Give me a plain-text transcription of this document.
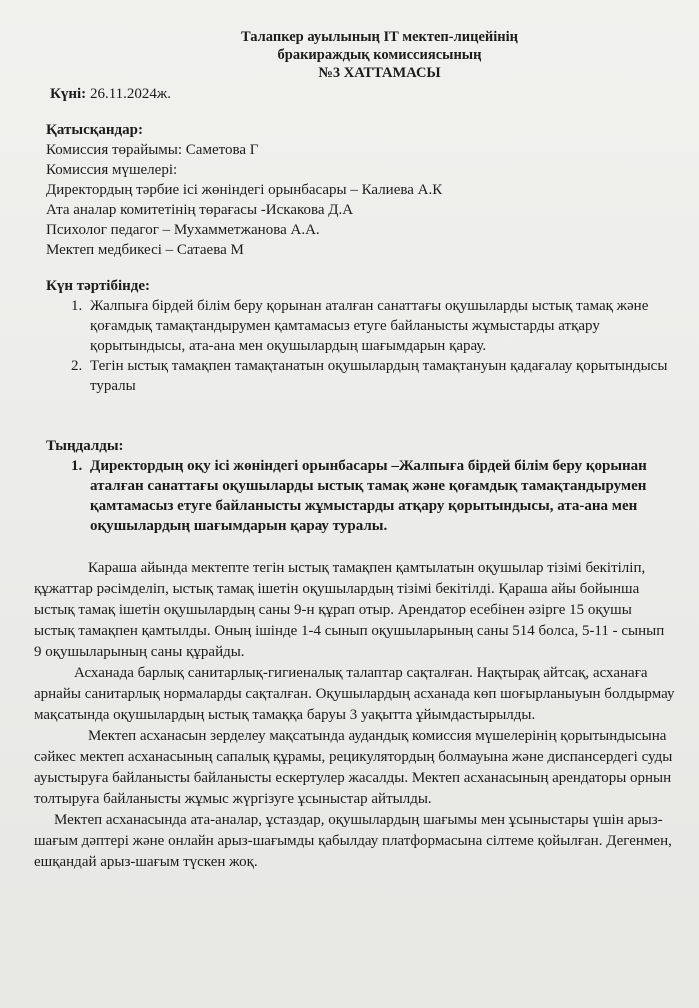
Талапкер ауылының IT мектеп-лицейінің
бракираждық комиссиясының
№3 ХАТТАМАСЫ
Күні: 26.11.2024ж.
Қатысқандар:
Комиссия төрайымы: Саметова Г
Комиссия мүшелері:
Директордың тәрбие ісі жөніндегі орынбасары – Калиева А.К
Ата аналар комитетінің төрағасы -Искакова Д.А
Психолог педагог – Мухамметжанова А.А.
Мектеп медбикесі – Сатаева М
Күн тәртібінде:
1. Жалпыға бірдей білім беру қорынан аталған санаттағы оқушыларды ыстық тамақ және қоғамдық тамақтандырумен қамтамасыз етуге байланысты жұмыстарды атқару қорытындысы, ата-ана мен оқушылардың шағымдарын қарау.
2. Тегін ыстық тамақпен тамақтанатын оқушылардың тамақтануын қадағалау қорытындысы туралы
Тыңдалды:
1. Директордың оқу ісі жөніндегі орынбасары –Жалпыға бірдей білім беру қорынан аталған санаттағы оқушыларды ыстық тамақ және қоғамдық тамақтандырумен қамтамасыз етуге байланысты жұмыстарды атқару қорытындысы, ата-ана мен оқушылардың шағымдарын қарау туралы.

Караша айында мектепте тегін ыстық тамақпен қамтылатын оқушылар тізімі бекітіліп, құжаттар рәсімделіп, ыстық тамақ ішетін оқушылардың тізімі бекітілді. Қараша айы бойынша ыстық тамақ ішетін оқушылардың саны 9-н құрап отыр. Арендатор есебінен әзірге 15 оқушы ыстық тамақпен қамтылды. Оның ішінде 1-4 сынып оқушыларының саны 514 болса, 5-11 - сынып 9 оқушыларының саны құрайды.

Асханада барлық санитарлық-гигиеналық талаптар сақталған. Нақтырақ айтсақ, асханаға арнайы санитарлық нормаларды сақталған. Оқушылардың асханада көп шоғырланыуын болдырмау мақсатында оқушылардың ыстық тамаққа баруы 3 уақытта ұйымдастырылды.

Мектеп асханасын зерделеу мақсатында аудандық комиссия мүшелерінің қорытындысына сәйкес мектеп асханасының сапалық құрамы, рецикулятордың болмауына және диспансердегі суды ауыстыруға байланысты байланысты ескертулер жасалды. Мектеп асханасының арендаторы орнын толтыруға байланысты жұмыс жүргізуге ұсыныстар айтылды.

Мектеп асханасында ата-аналар, ұстаздар, оқушылардың шағымы мен ұсыныстары үшін арыз-шағым дәптері және онлайн арыз-шағымды қабылдау платформасына сілтеме қойылған. Дегенмен, ешқандай арыз-шағым түскен жоқ.
